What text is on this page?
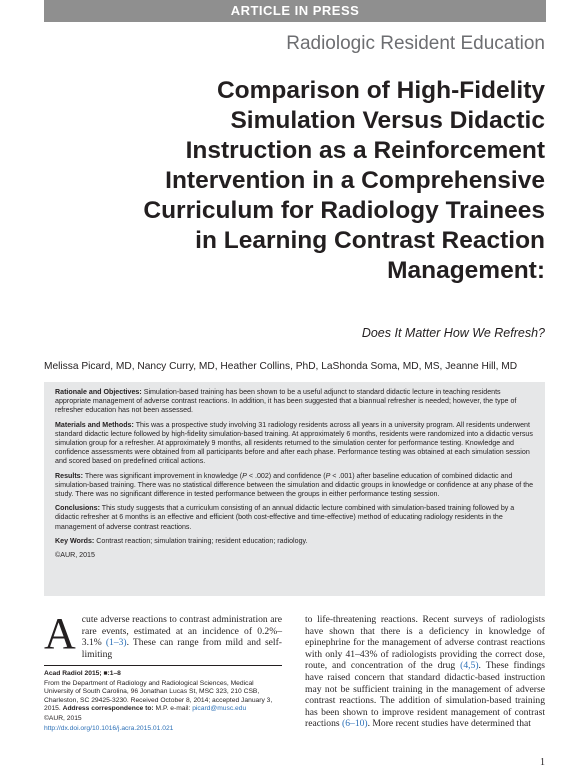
ARTICLE IN PRESS
Radiologic Resident Education
Comparison of High-Fidelity Simulation Versus Didactic Instruction as a Reinforcement Intervention in a Comprehensive Curriculum for Radiology Trainees in Learning Contrast Reaction Management:
Does It Matter How We Refresh?
Melissa Picard, MD, Nancy Curry, MD, Heather Collins, PhD, LaShonda Soma, MD, MS, Jeanne Hill, MD

Rationale and Objectives: Simulation-based training has been shown to be a useful adjunct to standard didactic lecture in teaching residents appropriate management of adverse contrast reactions. In addition, it has been suggested that a biannual refresher is needed; however, the type of refresher education has not been assessed.

Materials and Methods: This was a prospective study involving 31 radiology residents across all years in a university program. All residents underwent standard didactic lecture followed by high-fidelity simulation-based training. At approximately 6 months, residents were randomized into a didactic versus simulation group for a refresher. At approximately 9 months, all residents returned to the simulation center for performance testing. Knowledge and confidence assessments were obtained from all participants before and after each phase. Performance testing was obtained at each simulation session and scored based on predefined critical actions.

Results: There was significant improvement in knowledge (P < .002) and confidence (P < .001) after baseline education of combined didactic and simulation-based training. There was no statistical difference between the simulation and didactic groups in knowledge or confidence at any phase of the study. There was no significant difference in tested performance between the groups in either performance testing session.

Conclusions: This study suggests that a curriculum consisting of an annual didactic lecture combined with simulation-based training followed by a didactic refresher at 6 months is an effective and efficient (both cost-effective and time-effective) method of educating radiology residents in the management of adverse contrast reactions.

Key Words: Contrast reaction; simulation training; resident education; radiology.

©AUR, 2015

Acute adverse reactions to contrast administration are rare events, estimated at an incidence of 0.2%–3.1% (1–3). These can range from mild and self-limiting

Acad Radiol 2015; ■:1–8

From the Department of Radiology and Radiological Sciences, Medical University of South Carolina, 96 Jonathan Lucas St, MSC 323, 210 CSB, Charleston, SC 29425-3230. Received October 8, 2014; accepted January 3, 2015. Address correspondence to: M.P. e-mail: picard@musc.edu

©AUR, 2015

http://dx.doi.org/10.1016/j.acra.2015.01.021

to life-threatening reactions. Recent surveys of radiologists have shown that there is a deficiency in knowledge of epinephrine for the management of adverse contrast reactions with only 41–43% of radiologists providing the correct dose, route, and concentration of the drug (4,5). These findings have raised concern that standard didactic-based instruction may not be sufficient training in the management of adverse contrast reactions. The addition of simulation-based training has been shown to improve resident management of contrast reactions (6–10). More recent studies have determined that
1
